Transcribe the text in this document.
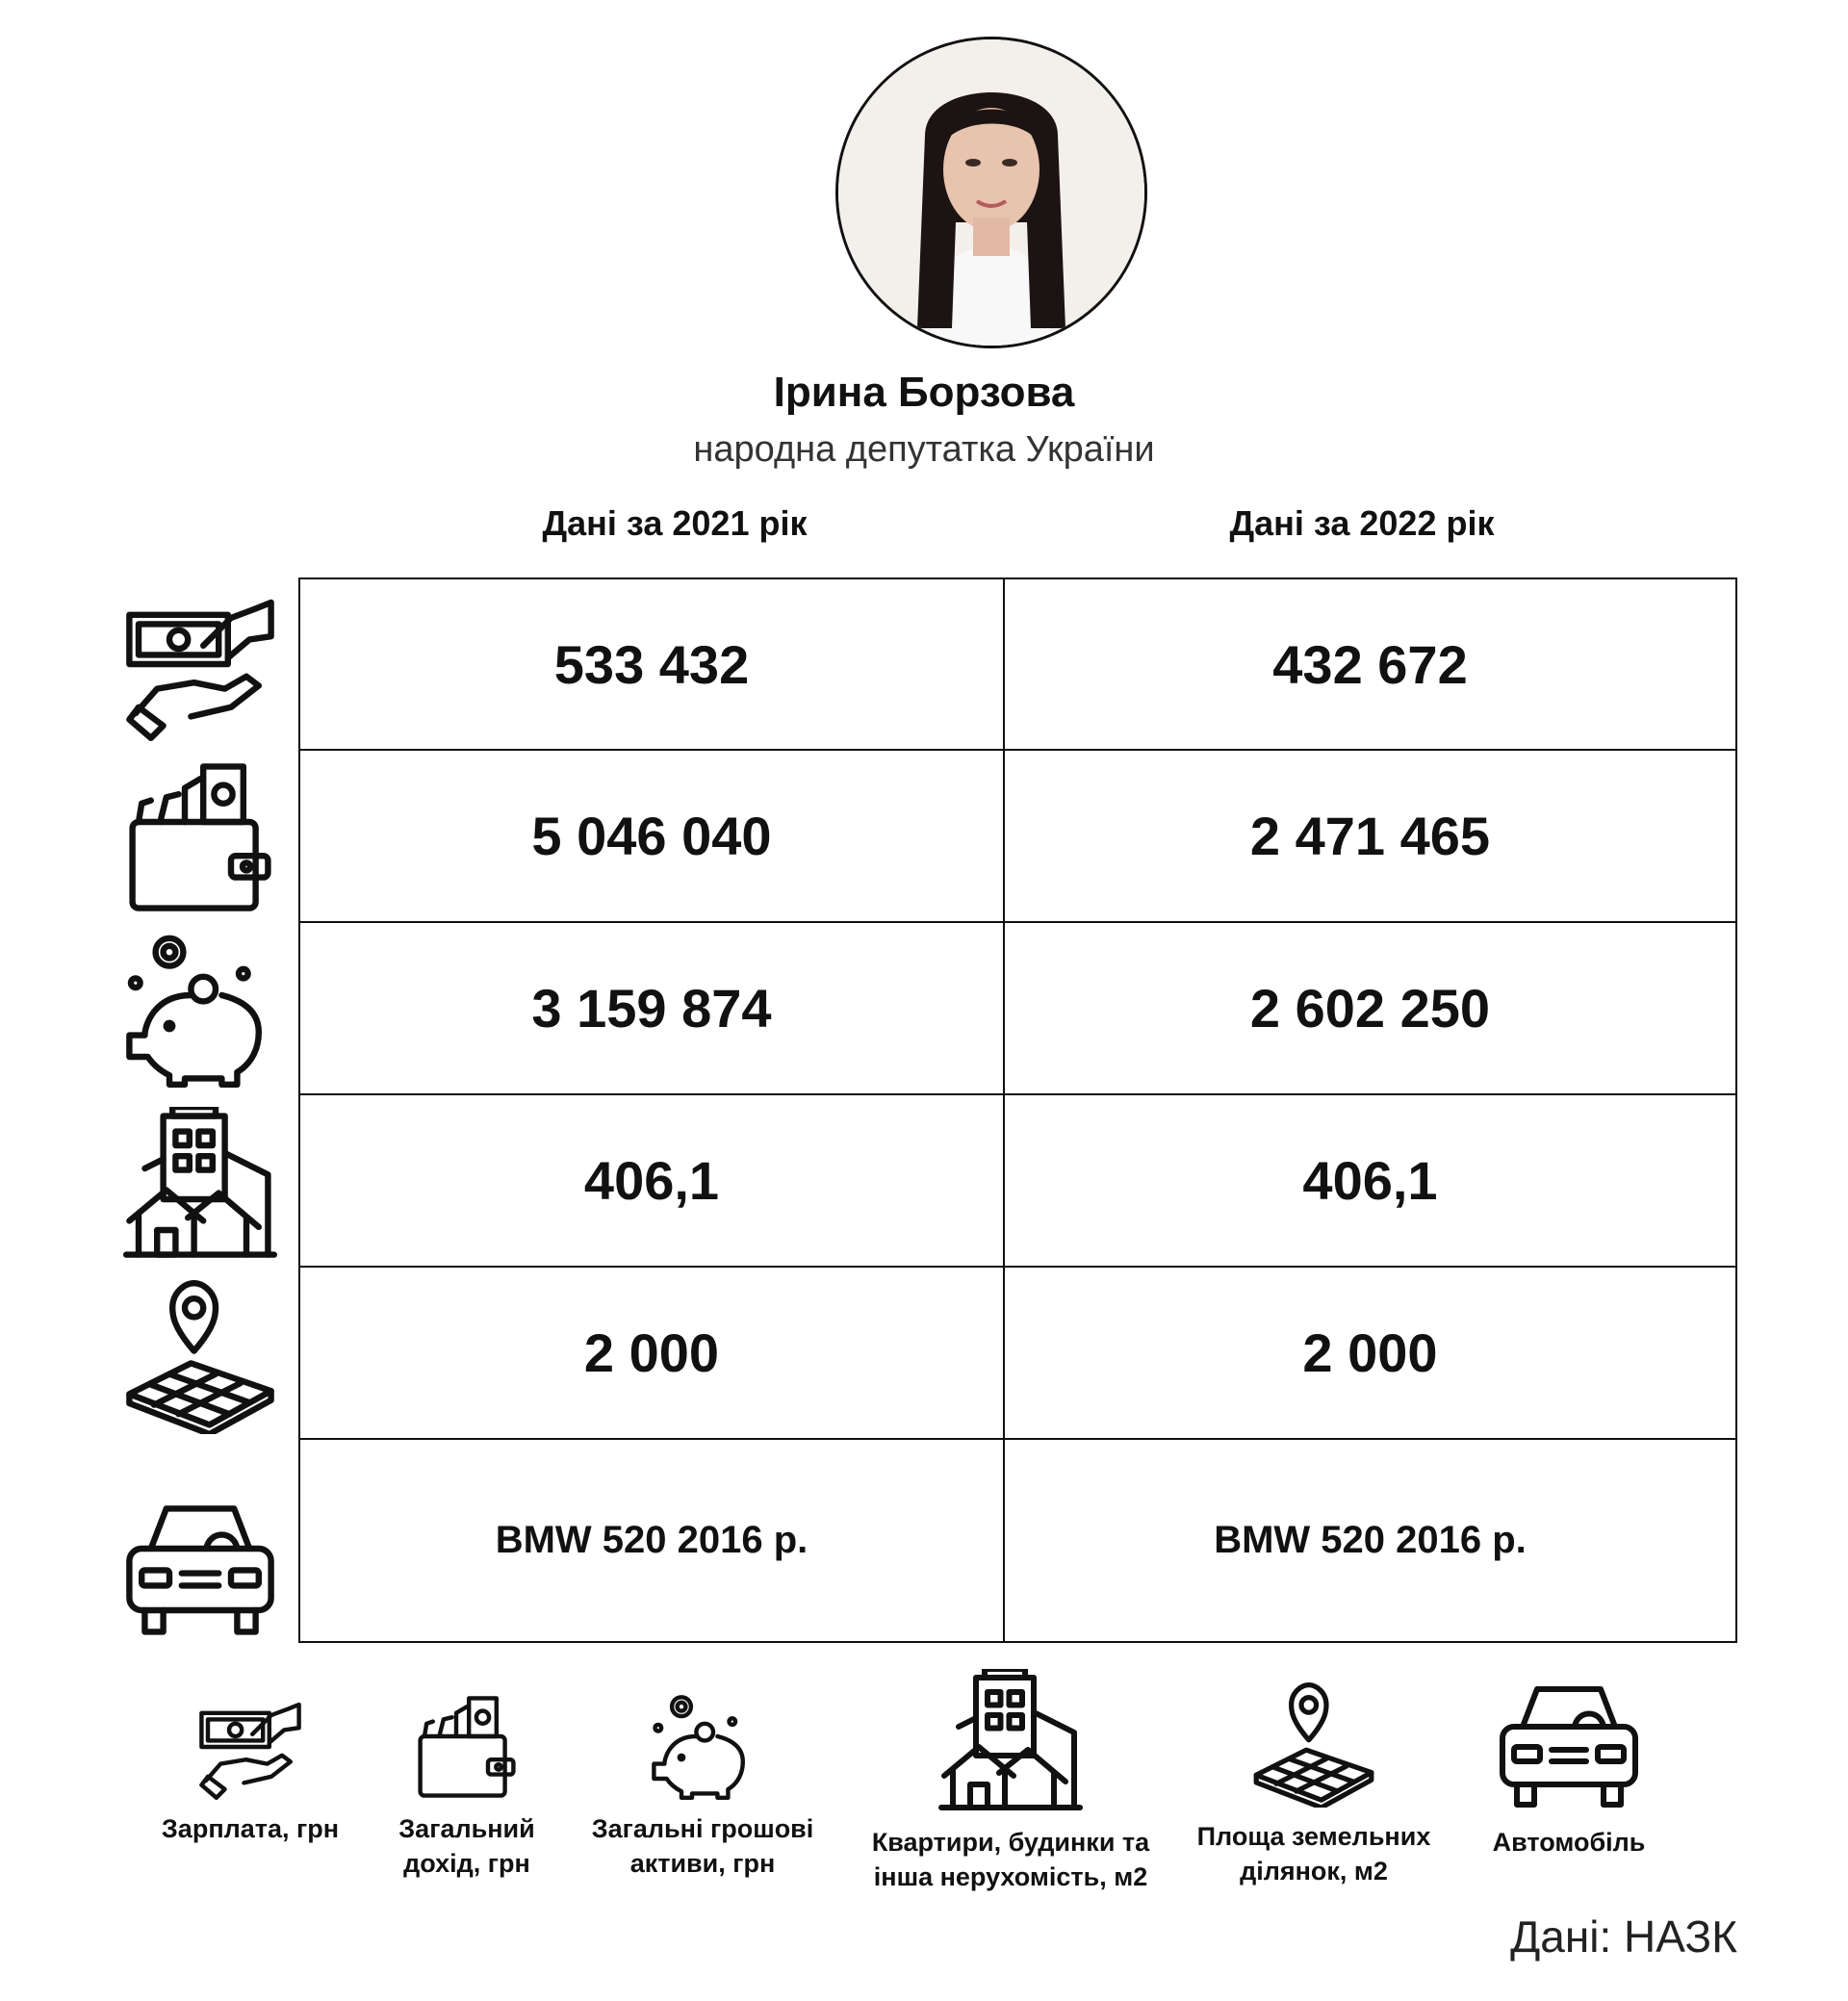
Ірина Борзова
народна депутатка України
Дані за 2021 рік	Дані за 2022 рік
533 432	432 672
5 046 040	2 471 465
3 159 874	2 602 250
406,1	406,1
2 000	2 000
BMW 520 2016 р.	BMW 520 2016 р.
Зарплата, грн	Загальний
дохід, грн
Загальні грошові
активи, грн
Квартири, будинки та
інша нерухомість, м2
Площа земельних
ділянок, м2
Автомобіль
Дані: НАЗК
